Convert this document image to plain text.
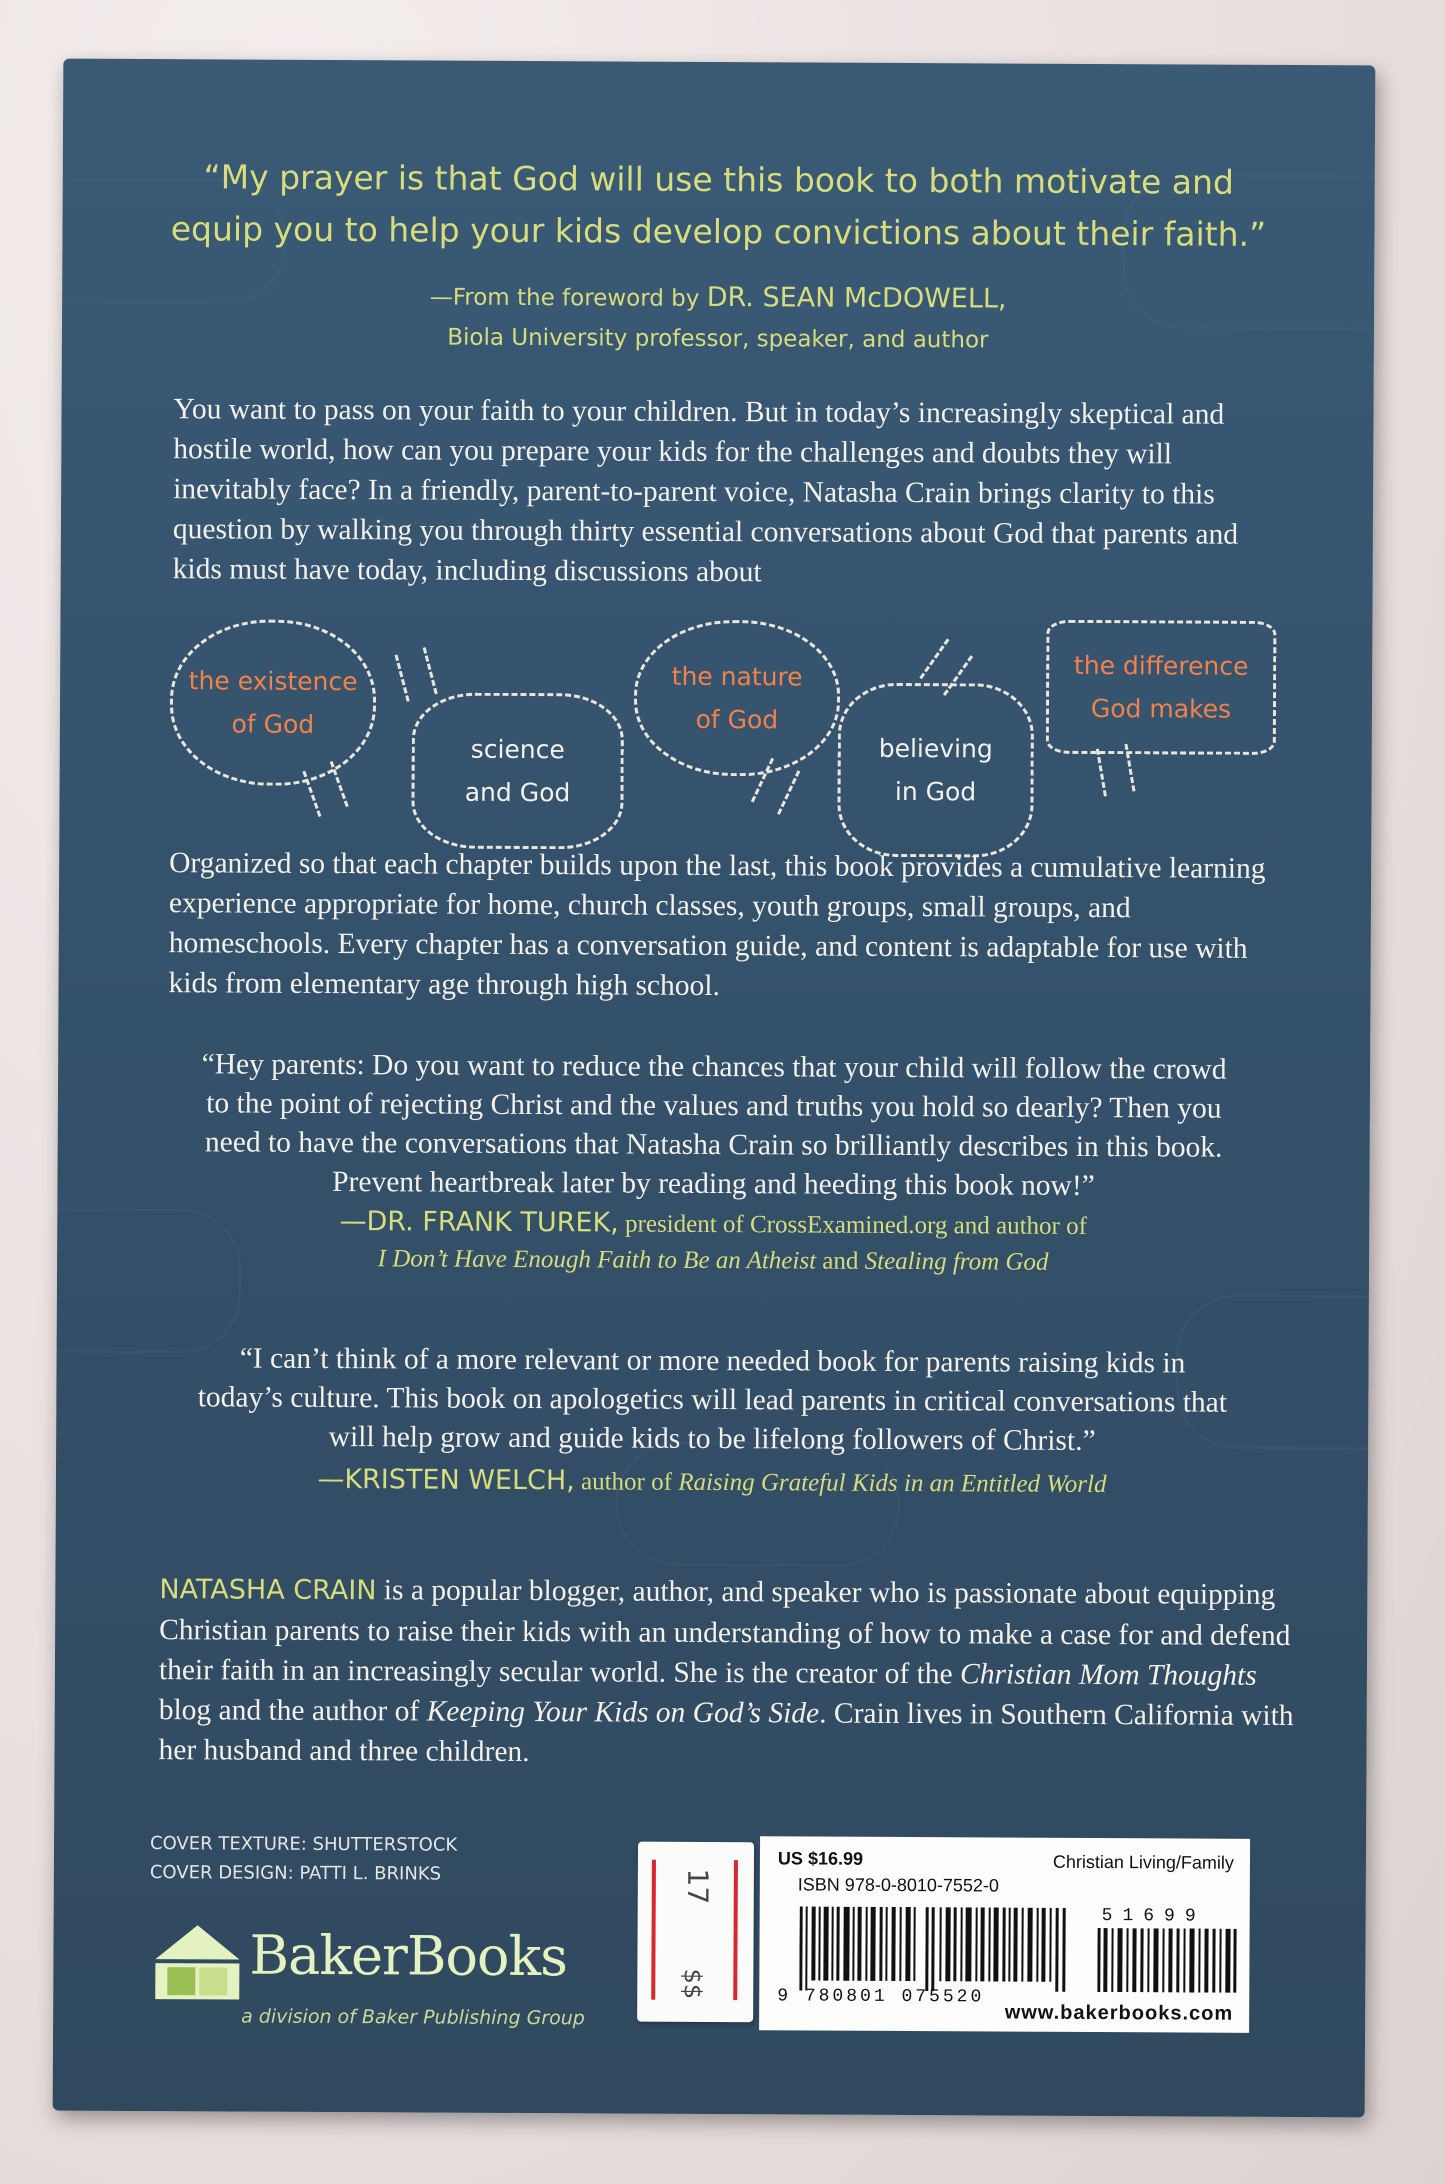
“My prayer is that God will use this book to both motivate and
equip you to help your kids develop convictions about their faith.”
—From the foreword by DR. SEAN McDOWELL,
Biola University professor, speaker, and author
You want to pass on your faith to your children. But in today’s increasingly skeptical and hostile world, how can you prepare your kids for the challenges and doubts they will inevitably face? In a friendly, parent-to-parent voice, Natasha Crain brings clarity to this question by walking you through thirty essential conversations about God that parents and kids must have today, including discussions about
the existence
of God
science
and God
the nature
of God
believing
in God
the difference
God makes
Organized so that each chapter builds upon the last, this book provides a cumulative learning experience appropriate for home, church classes, youth groups, small groups, and homeschools. Every chapter has a conversation guide, and content is adaptable for use with kids from elementary age through high school.
“Hey parents: Do you want to reduce the chances that your child will follow the crowd
to the point of rejecting Christ and the values and truths you hold so dearly? Then you
need to have the conversations that Natasha Crain so brilliantly describes in this book.
Prevent heartbreak later by reading and heeding this book now!”
—DR. FRANK TUREK, president of CrossExamined.org and author of
I Don’t Have Enough Faith to Be an Atheist and Stealing from God
“I can’t think of a more relevant or more needed book for parents raising kids in
today’s culture. This book on apologetics will lead parents in critical conversations that
will help grow and guide kids to be lifelong followers of Christ.”
—KRISTEN WELCH, author of Raising Grateful Kids in an Entitled World
NATASHA CRAIN is a popular blogger, author, and speaker who is passionate about equipping Christian parents to raise their kids with an understanding of how to make a case for and defend their faith in an increasingly secular world. She is the creator of the Christian Mom Thoughts blog and the author of Keeping Your Kids on God’s Side. Crain lives in Southern California with her husband and three children.
COVER TEXTURE: SHUTTERSTOCK
COVER DESIGN: PATTI L. BRINKS
BakerBooks
a division of Baker Publishing Group
17
$$
US $16.99	Christian Living/Family
ISBN 978-0-8010-7552-0
9 780801 075520
51699
www.bakerbooks.com
